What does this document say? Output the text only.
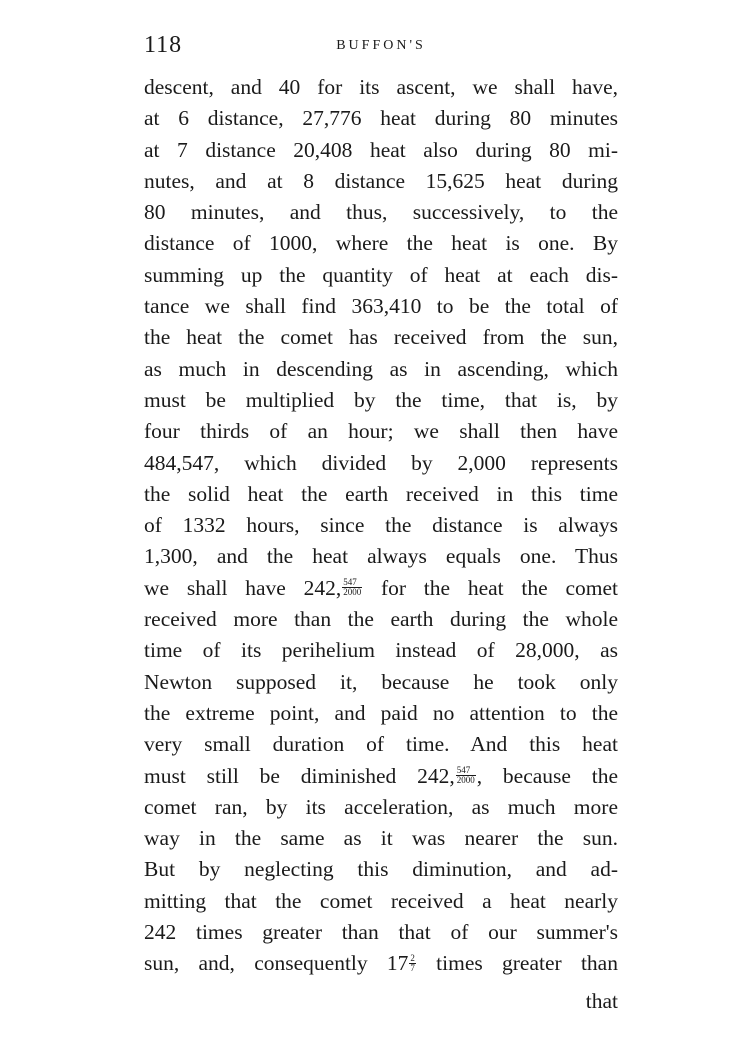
118	BUFFON'S
descent, and 40 for its ascent, we shall have,
at 6 distance, 27,776 heat during 80 minutes
at 7 distance 20,408 heat also during 80 mi-
nutes, and at 8 distance 15,625 heat during
80 minutes, and thus, successively, to the
distance of 1000, where the heat is one. By
summing up the quantity of heat at each dis-
tance we shall find 363,410 to be the total of
the heat the comet has received from the sun,
as much in descending as in ascending, which
must be multiplied by the time, that is, by
four thirds of an hour; we shall then have
484,547, which divided by 2,000 represents
the solid heat the earth received in this time
of 1332 hours, since the distance is always
1,300, and the heat always equals one. Thus
we shall have 242, $\frac{547}{2000}$ for the heat the comet
received more than the earth during the whole
time of its perihelium instead of 28,000, as
Newton supposed it, because he took only
the extreme point, and paid no attention to the
very small duration of time. And this heat
must still be diminished 242, $\frac{547}{2000}$ , because the
comet ran, by its acceleration, as much more
way in the same as it was nearer the sun.
But by neglecting this diminution, and ad-
mitting that the comet received a heat nearly
242 times greater than that of our summer's
sun, and, consequently $17 \frac{2}{7}$ times greater than
that
